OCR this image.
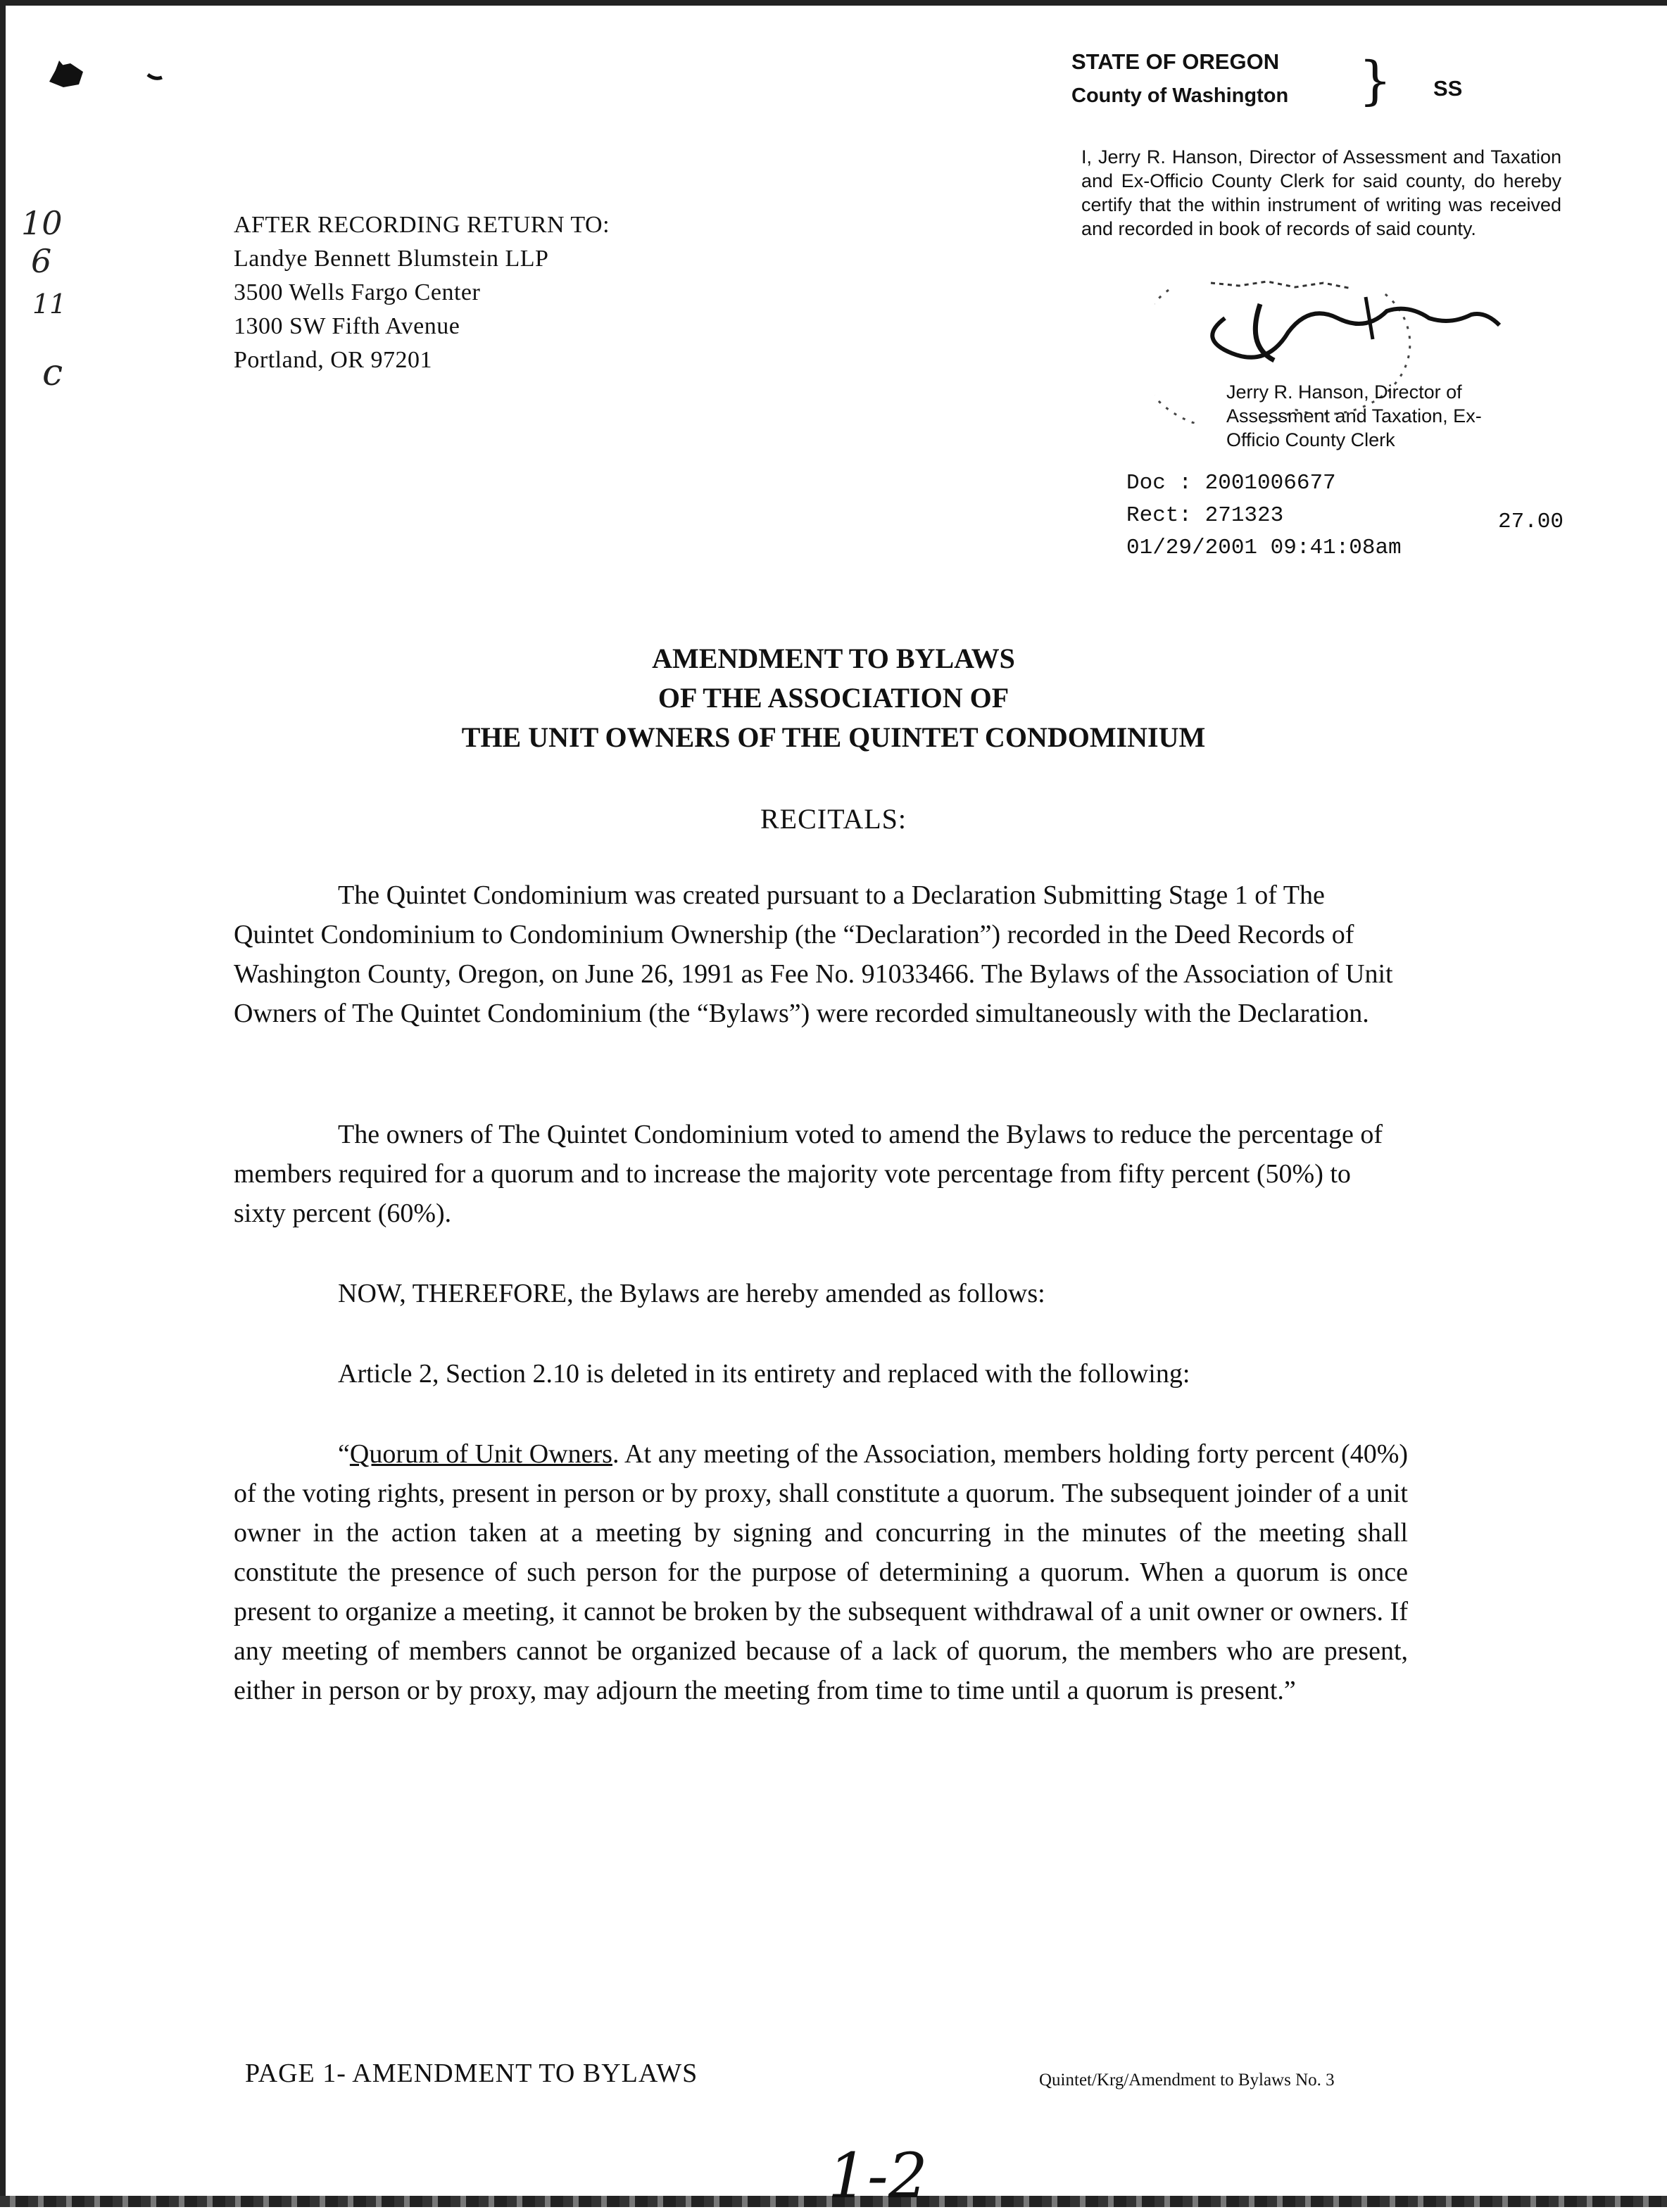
10
6
11
c
AFTER RECORDING RETURN TO:
Landye Bennett Blumstein LLP
3500 Wells Fargo Center
1300 SW Fifth Avenue
Portland, OR 97201
STATE OF OREGON
County of Washington	} SS
I, Jerry R. Hanson, Director of Assessment and Taxation and Ex-Officio County Clerk for said county, do hereby certify that the within instrument of writing was received and recorded in book of records of said county.
Jerry R. Hanson, Director of
Assessment and Taxation, Ex-
Officio County Clerk
Doc : 2001006677
Rect: 271323
01/29/2001 09:41:08am
27.00
AMENDMENT TO BYLAWS
OF THE ASSOCIATION OF
THE UNIT OWNERS OF THE QUINTET CONDOMINIUM
RECITALS:

The Quintet Condominium was created pursuant to a Declaration Submitting Stage 1 of The Quintet Condominium to Condominium Ownership (the “Declaration”) recorded in the Deed Records of Washington County, Oregon, on June 26, 1991 as Fee No. 91033466. The Bylaws of the Association of Unit Owners of The Quintet Condominium (the “Bylaws”) were recorded simultaneously with the Declaration.

The owners of The Quintet Condominium voted to amend the Bylaws to reduce the percentage of members required for a quorum and to increase the majority vote percentage from fifty percent (50%) to sixty percent (60%).

NOW, THEREFORE, the Bylaws are hereby amended as follows:

Article 2, Section 2.10 is deleted in its entirety and replaced with the following:

“Quorum of Unit Owners. At any meeting of the Association, members holding forty percent (40%) of the voting rights, present in person or by proxy, shall constitute a quorum. The subsequent joinder of a unit owner in the action taken at a meeting by signing and concurring in the minutes of the meeting shall constitute the presence of such person for the purpose of determining a quorum. When a quorum is once present to organize a meeting, it cannot be broken by the subsequent withdrawal of a unit owner or owners. If any meeting of members cannot be organized because of a lack of quorum, the members who are present, either in person or by proxy, may adjourn the meeting from time to time until a quorum is present.”

PAGE 1- AMENDMENT TO BYLAWS	Quintet/Krg/Amendment to Bylaws No. 3
1-2
